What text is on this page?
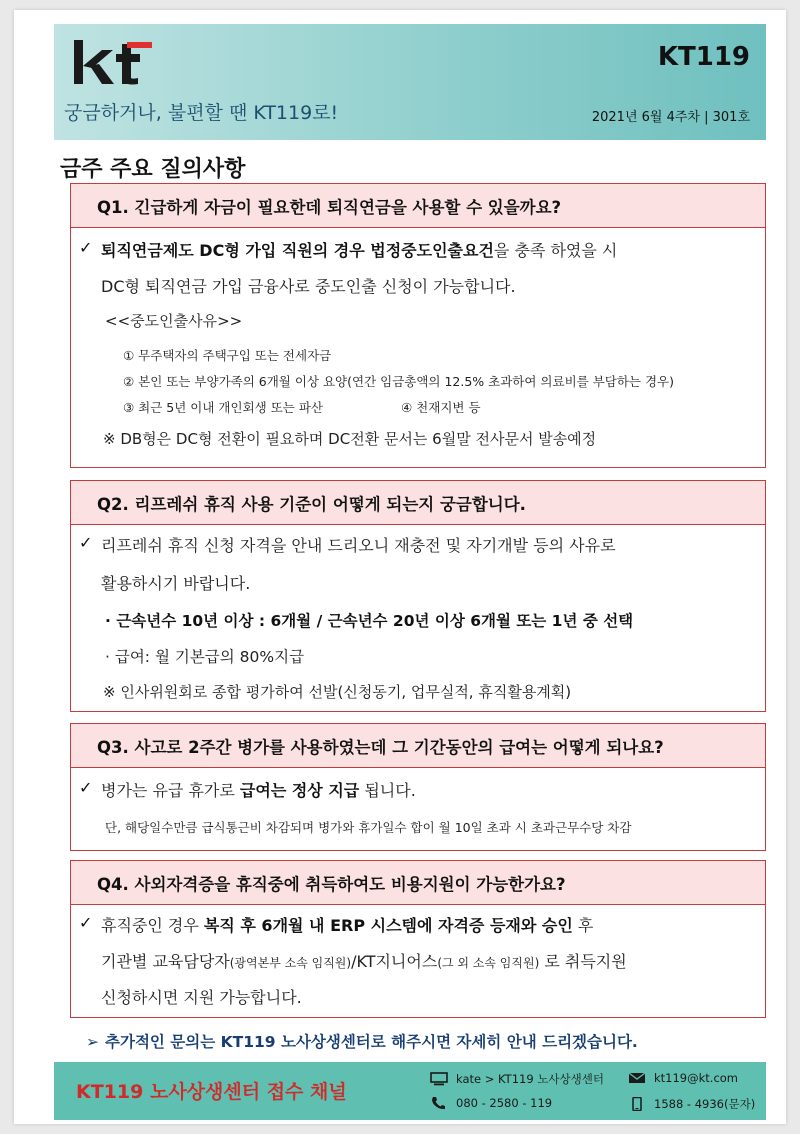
KT119
궁금하거나, 불편할 땐 KT119로!	2021년 6월 4주차 | 301호
금주 주요 질의사항
Q1. 긴급하게 자금이 필요한데 퇴직연금을 사용할 수 있을까요?
✓ 퇴직연금제도 DC형 가입 직원의 경우 법정중도인출요건을 충족 하였을 시
DC형 퇴직연금 가입 금융사로 중도인출 신청이 가능합니다.
<<중도인출사유>>
① 무주택자의 주택구입 또는 전세자금
② 본인 또는 부양가족의 6개월 이상 요양(연간 임금총액의 12.5% 초과하여 의료비를 부담하는 경우)
③ 최근 5년 이내 개인회생 또는 파산	④ 천재지변 등
※ DB형은 DC형 전환이 필요하며 DC전환 문서는 6월말 전사문서 발송예정
Q2. 리프레쉬 휴직 사용 기준이 어떻게 되는지 궁금합니다.
✓ 리프레쉬 휴직 신청 자격을 안내 드리오니 재충전 및 자기개발 등의 사유로
활용하시기 바랍니다.
· 근속년수 10년 이상 : 6개월 / 근속년수 20년 이상 6개월 또는 1년 중 선택
· 급여: 월 기본급의 80%지급
※ 인사위원회로 종합 평가하여 선발(신청동기, 업무실적, 휴직활용계획)
Q3. 사고로 2주간 병가를 사용하였는데 그 기간동안의 급여는 어떻게 되나요?
✓ 병가는 유급 휴가로 급여는 정상 지급 됩니다.
단, 해당일수만큼 급식통근비 차감되며 병가와 휴가일수 합이 월 10일 초과 시 초과근무수당 차감
Q4. 사외자격증을 휴직중에 취득하여도 비용지원이 가능한가요?
✓ 휴직중인 경우 복직 후 6개월 내 ERP 시스템에 자격증 등재와 승인 후
기관별 교육담당자(광역본부 소속 임직원)/KT지니어스(그 외 소속 임직원) 로 취득지원
신청하시면 지원 가능합니다.
➢ 추가적인 문의는 KT119 노사상생센터로 해주시면 자세히 안내 드리겠습니다.
KT119 노사상생센터 접수 채널
kate > KT119 노사상생센터	kt119@kt.com
080 - 2580 - 119	1588 - 4936(문자)
